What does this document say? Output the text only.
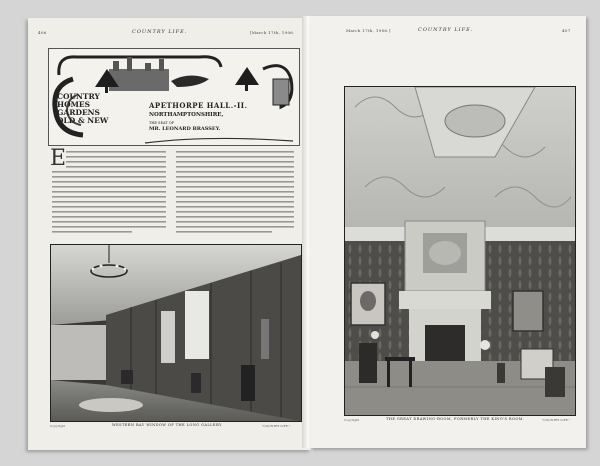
406	COUNTRY LIFE.	[March 17th, 1906.
COUNTRY
HOMES
GARDENS
OLD & NEW
APETHORPE HALL.-II.
NORTHAMPTONSHIRE,
THE SEAT OF
MR. LEONARD BRASSEY.
E
Copyright	WESTERN BAY WINDOW OF THE LONG GALLERY.	"COUNTRY LIFE."
March 17th, 1906.]	COUNTRY LIFE.	407
Copyright	THE GREAT DRAWING-ROOM, FORMERLY THE KING'S ROOM.	"COUNTRY LIFE."
